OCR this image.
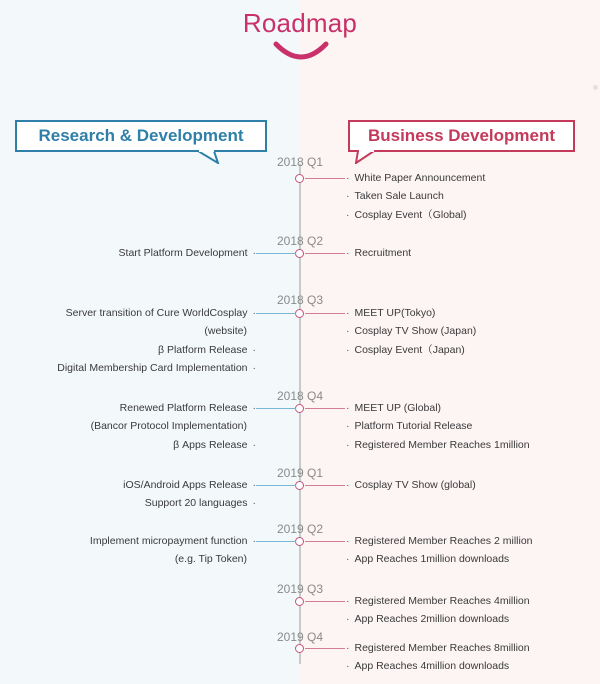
Roadmap
Research & Development	Business Development
2018 Q1
· White Paper Announcement
· Taken Sale Launch
· Cosplay Event（Global)
2018 Q2
· Recruitment
Start Platform Development ·
2018 Q3
· MEET UP(Tokyo)
· Cosplay TV Show (Japan)
· Cosplay Event（Japan)
Server transition of Cure WorldCosplay ·
(website)
β Platform Release ·
Digital Membership Card Implementation ·
2018 Q4
· MEET UP (Global)
· Platform Tutorial Release
· Registered Member Reaches 1million
Renewed Platform Release ·
(Bancor Protocol Implementation)
β Apps Release ·
2019 Q1
· Cosplay TV Show (global)
iOS/Android Apps Release ·
Support 20 languages ·
2019 Q2
· Registered Member Reaches 2 million
· App Reaches 1million downloads
Implement micropayment function ·
(e.g. Tip Token)
2019 Q3
· Registered Member Reaches 4million
· App Reaches 2million downloads
2019 Q4
· Registered Member Reaches 8million
· App Reaches 4million downloads
